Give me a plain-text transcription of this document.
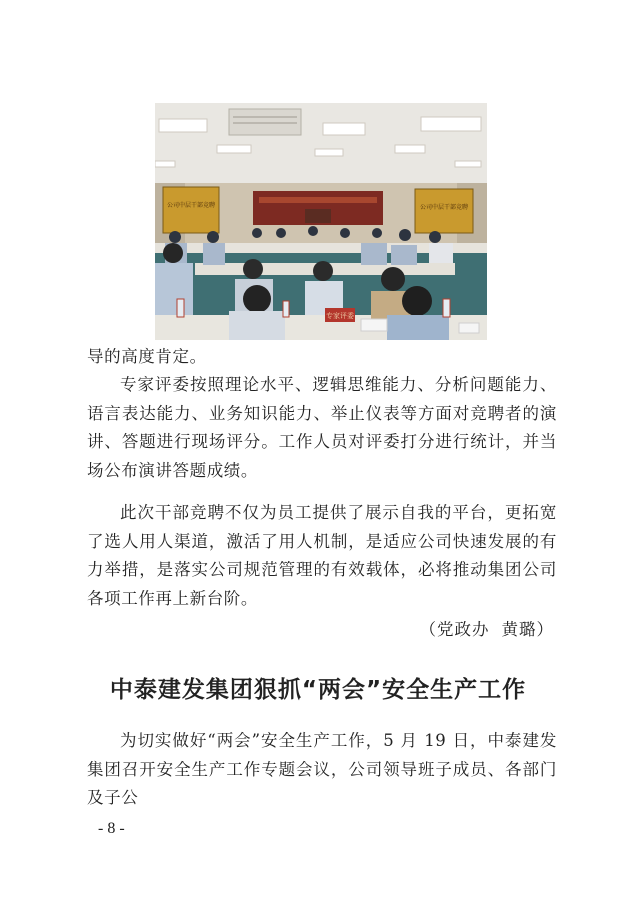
公司中层干部竞聘	公司中层干部竞聘
专家评委

导的高度肯定。

专家评委按照理论水平、逻辑思维能力、分析问题能力、语言表达能力、业务知识能力、举止仪表等方面对竞聘者的演讲、答题进行现场评分。工作人员对评委打分进行统计，并当场公布演讲答题成绩。

此次干部竞聘不仅为员工提供了展示自我的平台，更拓宽了选人用人渠道，激活了用人机制，是适应公司快速发展的有力举措，是落实公司规范管理的有效载体，必将推动集团公司各项工作再上新台阶。

（党政办 黄璐）
中泰建发集团狠抓“两会”安全生产工作

为切实做好“两会”安全生产工作，5 月 19 日，中泰建发集团召开安全生产工作专题会议，公司领导班子成员、各部门及子公

- 8 -
